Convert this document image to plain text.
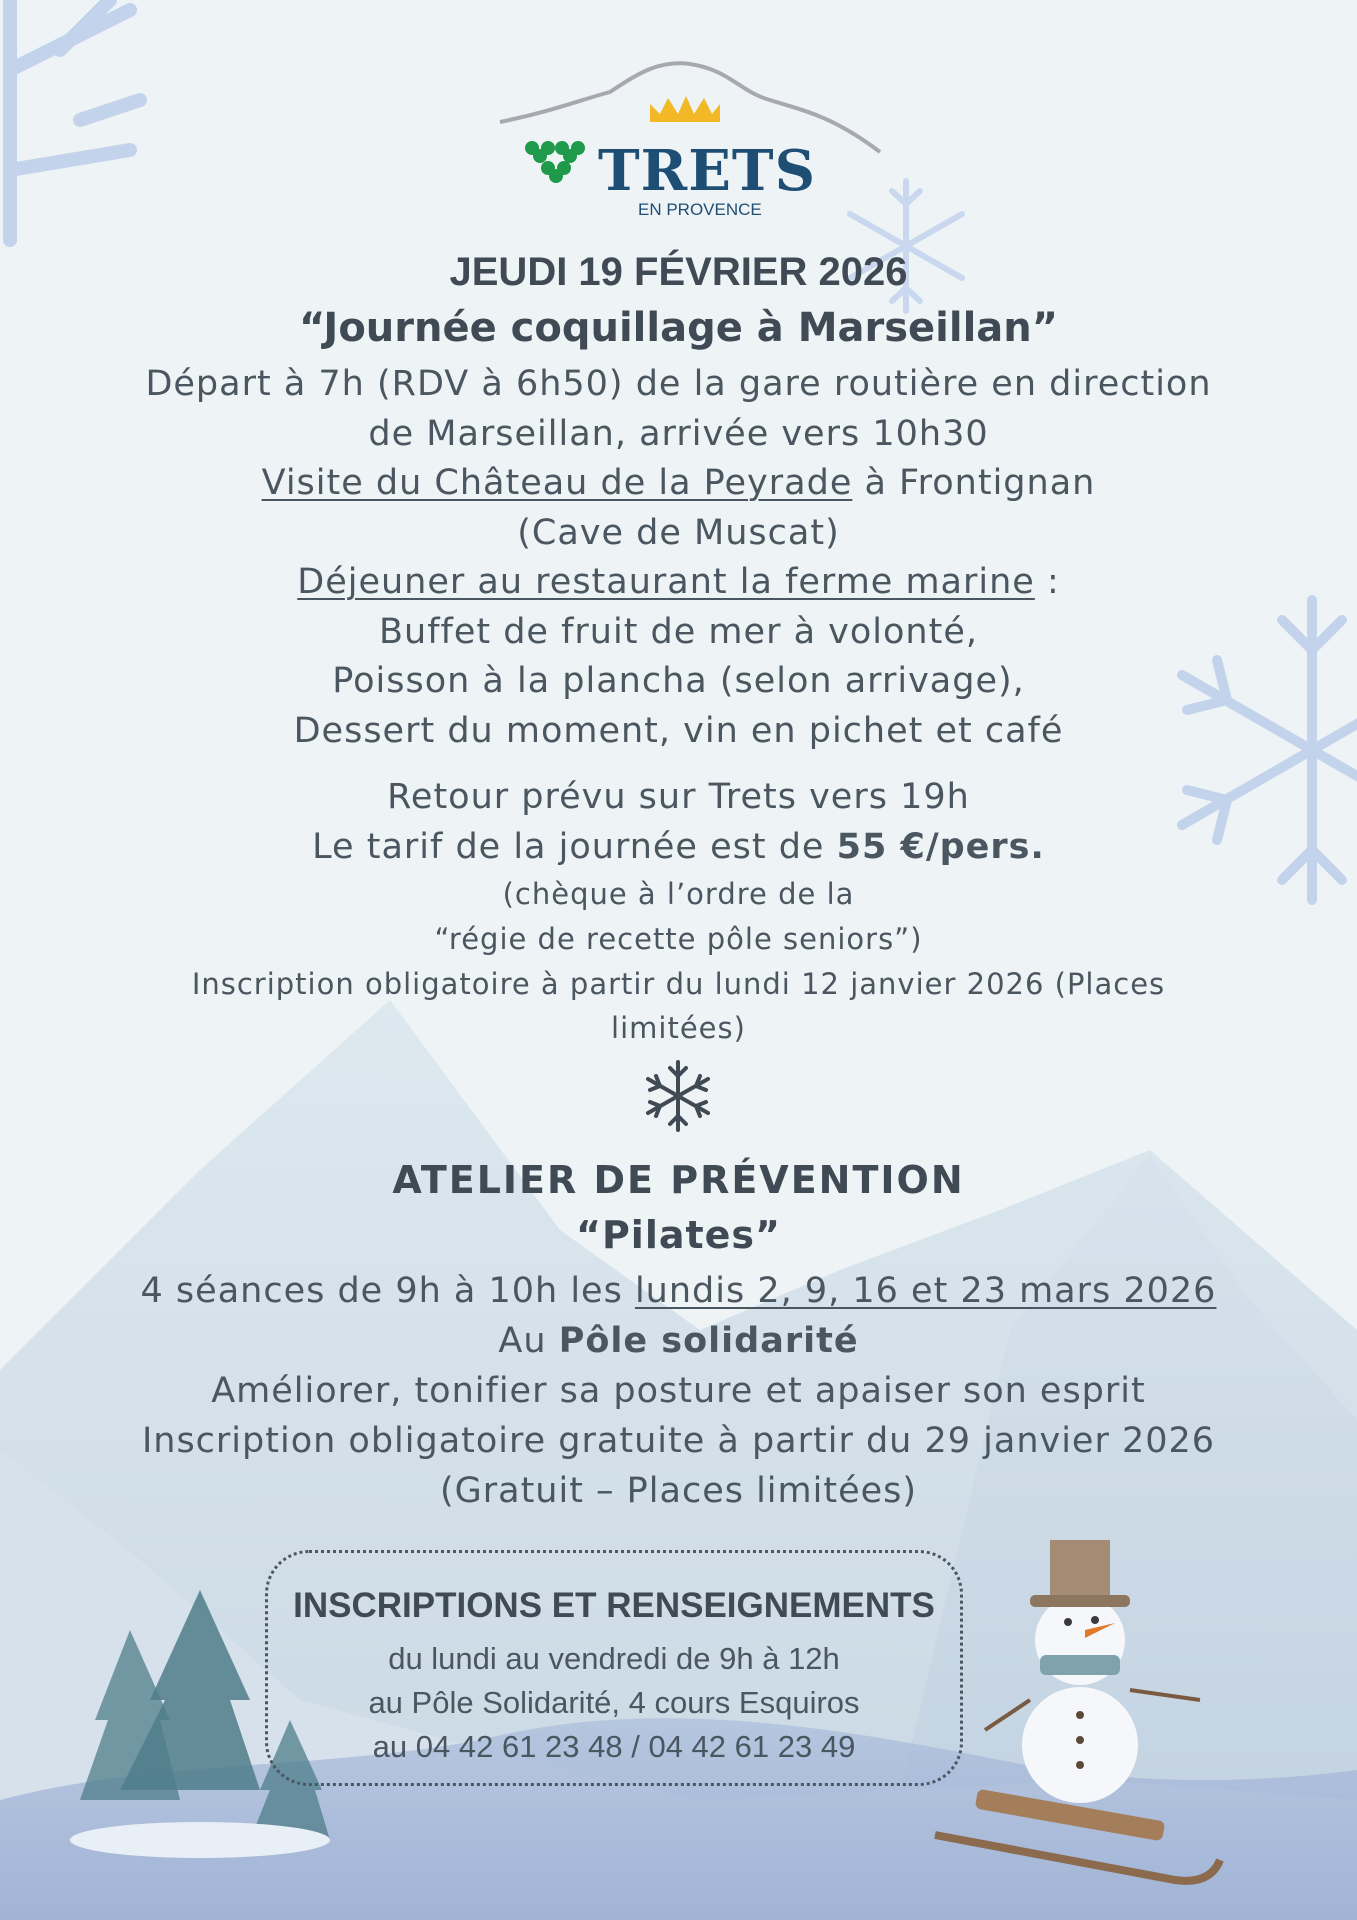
TRETS
EN PROVENCE
JEUDI 19 FÉVRIER 2026
“Journée coquillage à Marseillan”
Départ à 7h (RDV à 6h50) de la gare routière en direction
de Marseillan, arrivée vers 10h30
Visite du Château de la Peyrade à Frontignan
(Cave de Muscat)
Déjeuner au restaurant la ferme marine :
Buffet de fruit de mer à volonté,
Poisson à la plancha (selon arrivage),
Dessert du moment, vin en pichet et café
Retour prévu sur Trets vers 19h
Le tarif de la journée est de 55 €/pers.
(chèque à l’ordre de la
“régie de recette pôle seniors”)
Inscription obligatoire à partir du lundi 12 janvier 2026 (Places limitées)
ATELIER DE PRÉVENTION
“Pilates”
4 séances de 9h à 10h les lundis 2, 9, 16 et 23 mars 2026
Au Pôle solidarité
Améliorer, tonifier sa posture et apaiser son esprit
Inscription obligatoire gratuite à partir du 29 janvier 2026
(Gratuit – Places limitées)
INSCRIPTIONS ET RENSEIGNEMENTS
du lundi au vendredi de 9h à 12h
au Pôle Solidarité, 4 cours Esquiros
au 04 42 61 23 48 / 04 42 61 23 49
